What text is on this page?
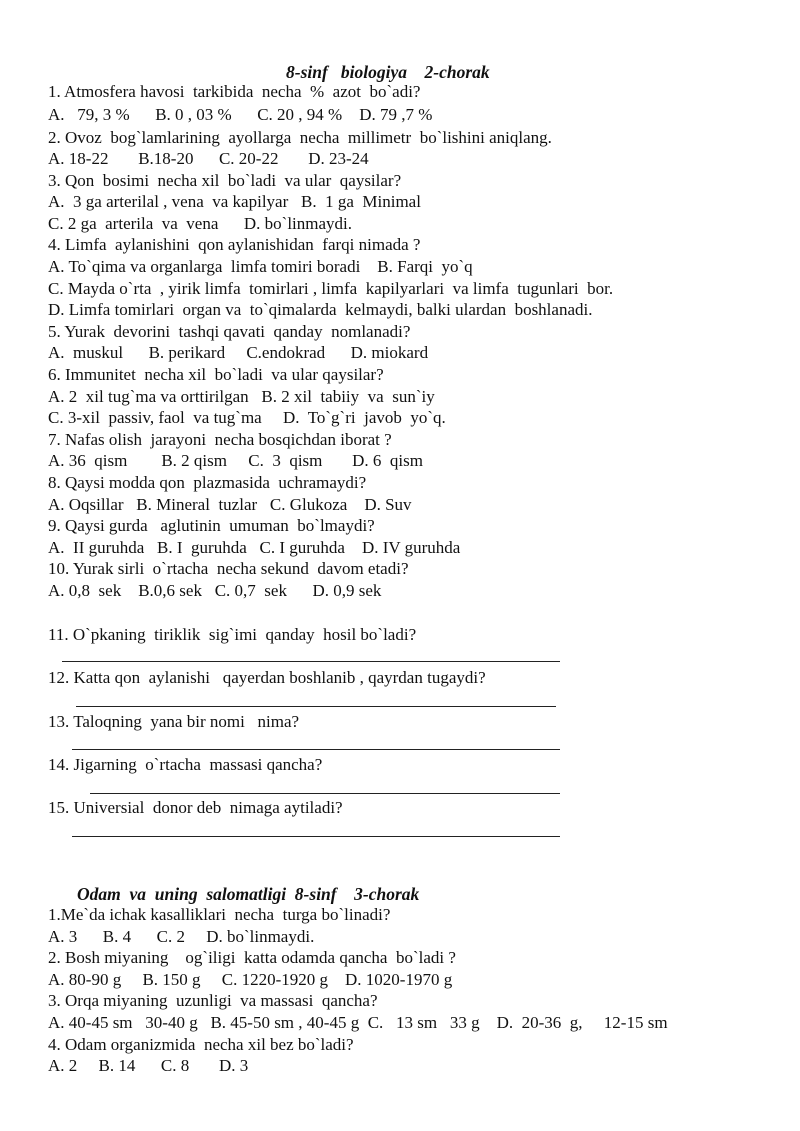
8-sinf   biologiya    2-chorak
1. Atmosfera havosi  tarkibida  necha  %  azot  bo`adi?
A.   79, 3 %      B. 0 , 03 %      C. 20 , 94 %    D. 79 ,7 %
2. Ovoz  bog`lamlarining  ayollarga  necha  millimetr  bo`lishini aniqlang.
A. 18-22       B.18-20      C. 20-22       D. 23-24
3. Qon  bosimi  necha xil  bo`ladi  va ular  qaysilar?
A.  3 ga arterilal , vena  va kapilyar   B.  1 ga  Minimal
C. 2 ga  arterila  va  vena      D. bo`linmaydi.
4. Limfa  aylanishini  qon aylanishidan  farqi nimada ?
A. To`qima va organlarga  limfa tomiri boradi    B. Farqi  yo`q
C. Mayda o`rta  , yirik limfa  tomirlari , limfa  kapilyarlari  va limfa  tugunlari  bor.
D. Limfa tomirlari  organ va  to`qimalarda  kelmaydi, balki ulardan  boshlanadi.
5. Yurak  devorini  tashqi qavati  qanday  nomlanadi?
A.  muskul      B. perikard     C.endokrad      D. miokard
6. Immunitet  necha xil  bo`ladi  va ular qaysilar?
A. 2  xil tug`ma va orttirilgan   B. 2 xil  tabiiy  va  sun`iy
C. 3-xil  passiv, faol  va tug`ma     D.  To`g`ri  javob  yo`q.
7. Nafas olish  jarayoni  necha bosqichdan iborat ?
A. 36  qism        B. 2 qism     C.  3  qism       D. 6  qism
8. Qaysi modda qon  plazmasida  uchramaydi?
A. Oqsillar   B. Mineral  tuzlar   C. Glukoza    D. Suv
9. Qaysi gurda   aglutinin  umuman  bo`lmaydi?
A.  II guruhda   B. I  guruhda   C. I guruhda    D. IV guruhda
10. Yurak sirli  o`rtacha  necha sekund  davom etadi?
A. 0,8  sek    B.0,6 sek   C. 0,7  sek      D. 0,9 sek
11. O`pkaning  tiriklik  sig`imi  qanday  hosil bo`ladi?
12. Katta qon  aylanishi   qayerdan boshlanib , qayrdan tugaydi?
13. Taloqning  yana bir nomi   nima?
14. Jigarning  o`rtacha  massasi qancha?
15. Universial  donor deb  nimaga aytiladi?
Odam  va  uning  salomatligi  8-sinf    3-chorak
1.Me`da ichak kasalliklari  necha  turga bo`linadi?
A. 3      B. 4      C. 2     D. bo`linmaydi.
2. Bosh miyaning    og`iligi  katta odamda qancha  bo`ladi ?
A. 80-90 g     B. 150 g     C. 1220-1920 g    D. 1020-1970 g
3. Orqa miyaning  uzunligi  va massasi  qancha?
A. 40-45 sm   30-40 g   B. 45-50 sm , 40-45 g  C.   13 sm   33 g    D.  20-36  g,     12-15 sm
4. Odam organizmida  necha xil bez bo`ladi?
A. 2     B. 14      C. 8       D. 3
